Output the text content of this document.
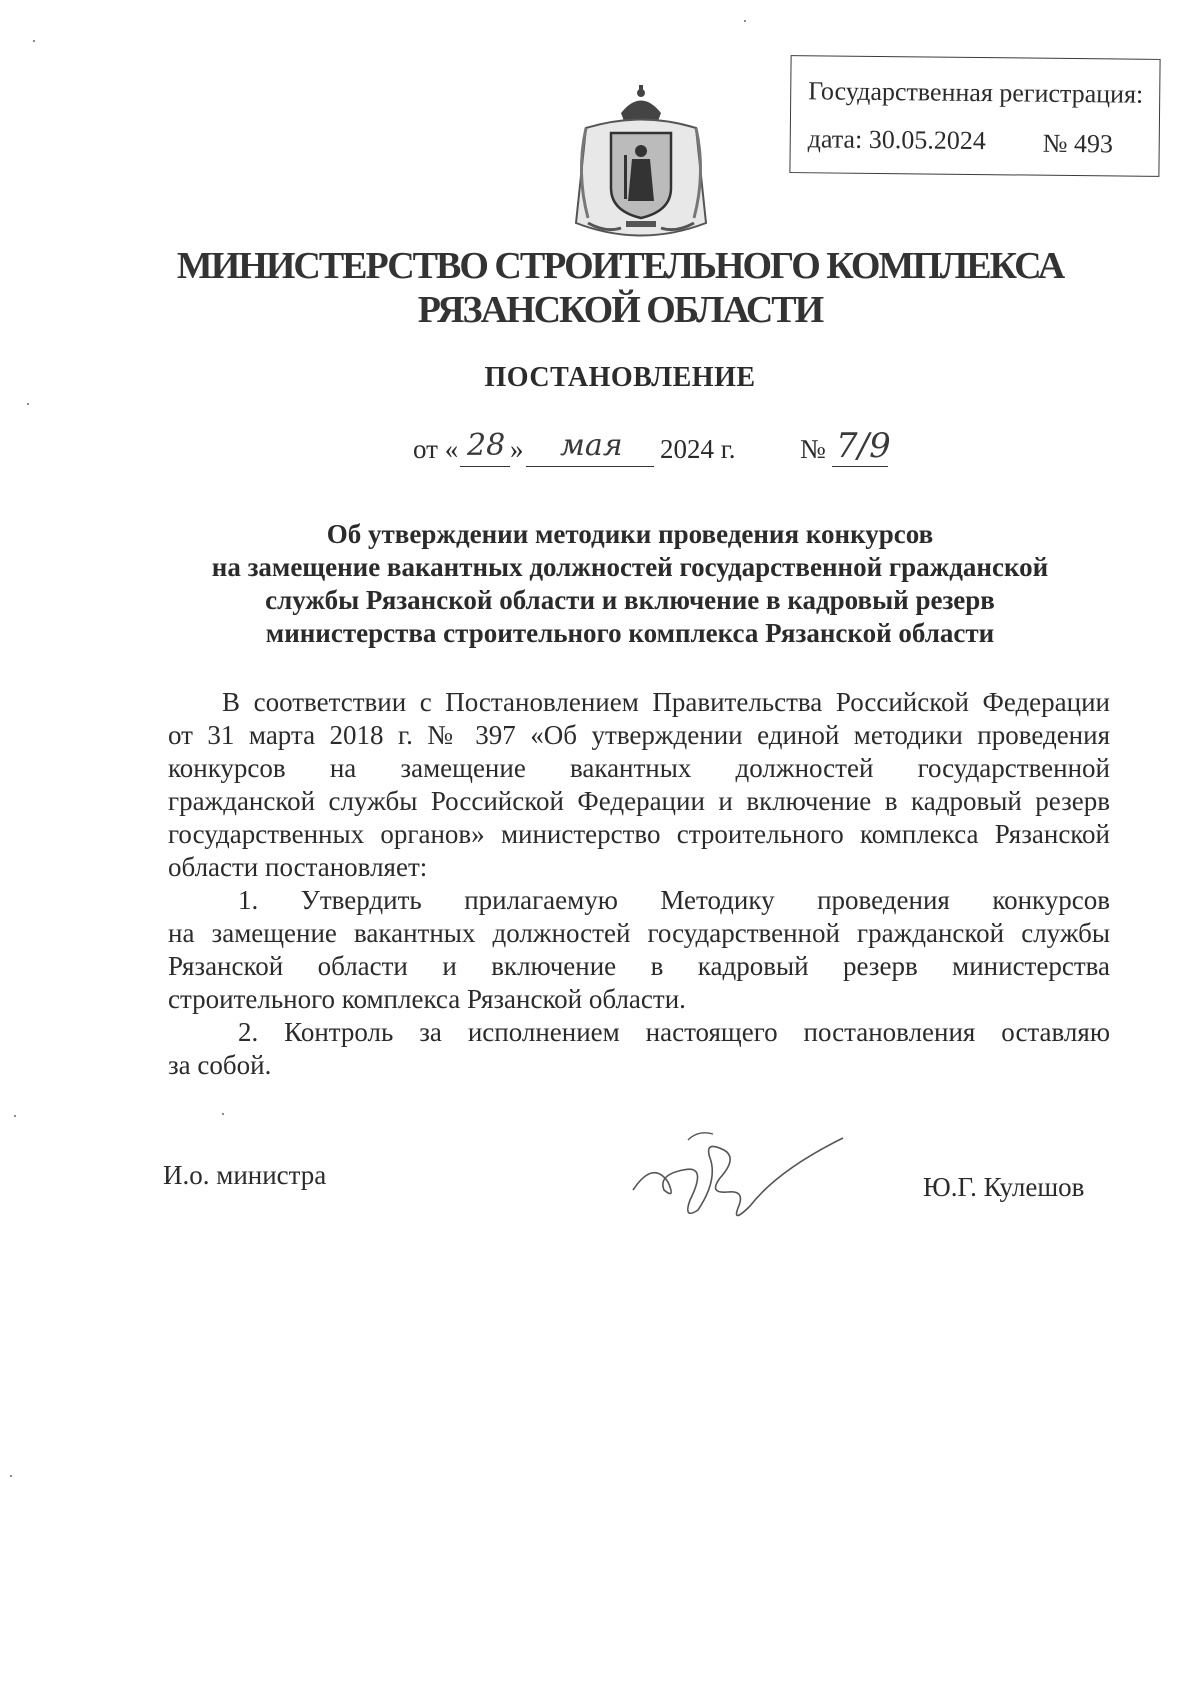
Государственная регистрация:
дата: 30.05.2024 № 493
МИНИСТЕРСТВО СТРОИТЕЛЬНОГО КОМПЛЕКСА
РЯЗАНСКОЙ ОБЛАСТИ
ПОСТАНОВЛЕНИЕ
от « 28 » мая 2024 г. № 7/9
Об утверждении методики проведения конкурсов
на замещение вакантных должностей государственной гражданской
службы Рязанской области и включение в кадровый резерв
министерства строительного комплекса Рязанской области
В соответствии с Постановлением Правительства Российской Федерации
от 31 марта 2018 г. № 397 «Об утверждении единой методики проведения
конкурсов на замещение вакантных должностей государственной
гражданской службы Российской Федерации и включение в кадровый резерв
государственных органов» министерство строительного комплекса Рязанской
области постановляет:
1. Утвердить прилагаемую Методику проведения конкурсов
на замещение вакантных должностей государственной гражданской службы
Рязанской области и включение в кадровый резерв министерства
строительного комплекса Рязанской области.
2. Контроль за исполнением настоящего постановления оставляю
за собой.
И.о. министра	Ю.Г. Кулешов
